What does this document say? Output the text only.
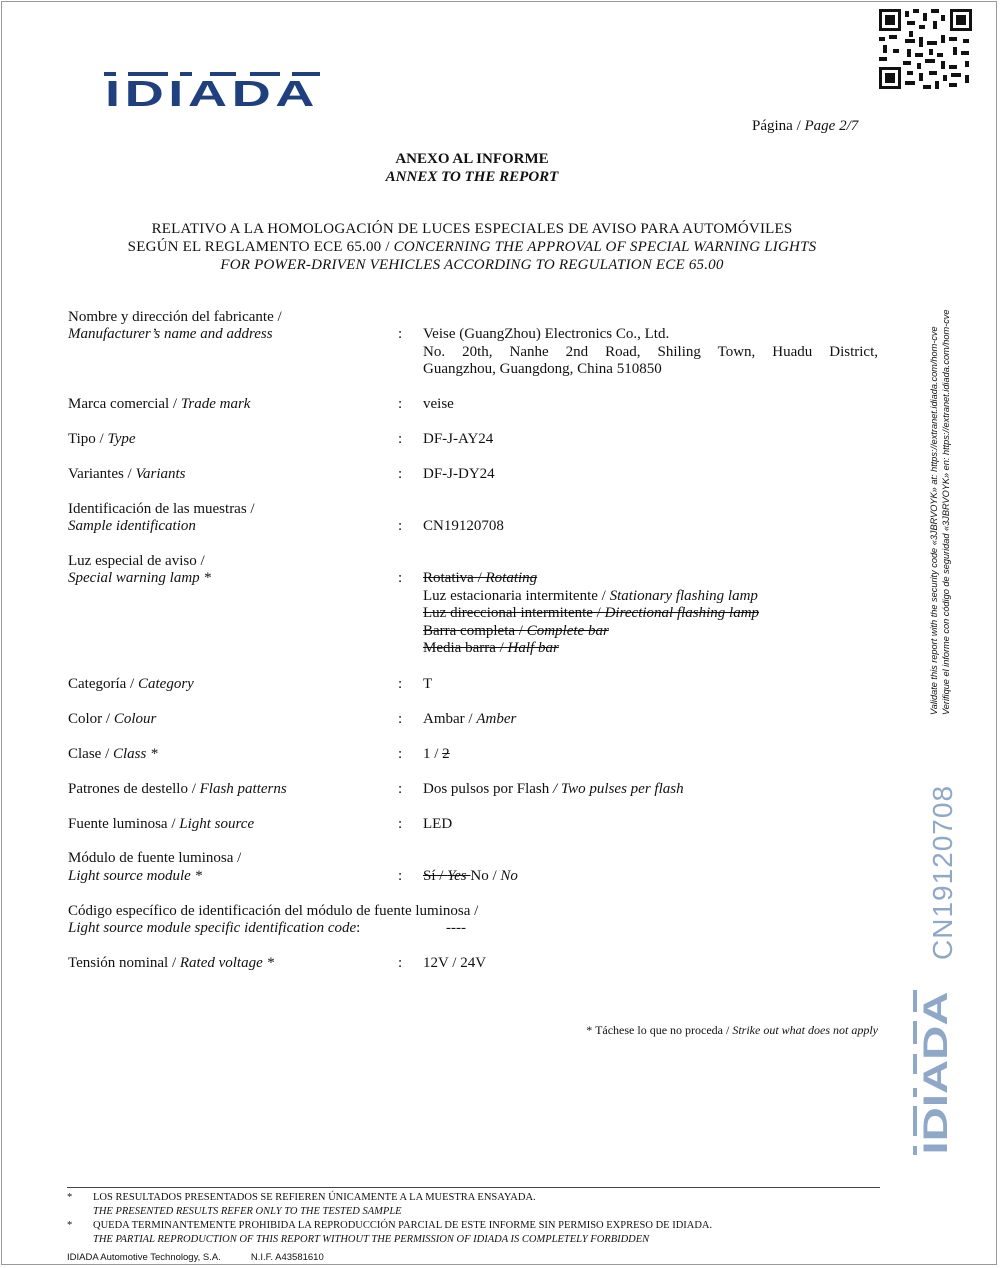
IDIADA
Página / Page 2/7
ANEXO AL INFORME
ANNEX TO THE REPORT
RELATIVO A LA HOMOLOGACIÓN DE LUCES ESPECIALES DE AVISO PARA AUTOMÓVILES
SEGÚN EL REGLAMENTO ECE 65.00 / CONCERNING THE APPROVAL OF SPECIAL WARNING LIGHTS
FOR POWER-DRIVEN VEHICLES ACCORDING TO REGULATION ECE 65.00
Nombre y dirección del fabricante /
Manufacturer’s name and address	: Veise (GuangZhou) Electronics Co., Ltd.
No. 20th, Nanhe 2nd Road, Shiling Town, Huadu District,
Guangzhou, Guangdong, China 510850
Marca comercial / Trade mark	: veise
Tipo / Type	: DF-J-AY24
Variantes / Variants	: DF-J-DY24
Identificación de las muestras /
Sample identification	: CN19120708
Luz especial de aviso /
Special warning lamp *	: Rotativa / Rotating
Luz estacionaria intermitente / Stationary flashing lamp
Luz direccional intermitente / Directional flashing lamp
Barra completa / Complete bar
Media barra / Half bar
Categoría / Category	: T
Color / Colour	: Ambar / Amber
Clase / Class *	: 1 / 2
Patrones de destello / Flash patterns	: Dos pulsos por Flash / Two pulses per flash
Fuente luminosa / Light source	: LED
Módulo de fuente luminosa /
Light source module *	: Sí / Yes No / No
Código específico de identificación del módulo de fuente luminosa /
Light source module specific identification code:	----
Tensión nominal / Rated voltage *	: 12V / 24V
* Táchese lo que no proceda / Strike out what does not apply
* LOS RESULTADOS PRESENTADOS SE REFIEREN ÚNICAMENTE A LA MUESTRA ENSAYADA.
THE PRESENTED RESULTS REFER ONLY TO THE TESTED SAMPLE
* QUEDA TERMINANTEMENTE PROHIBIDA LA REPRODUCCIÓN PARCIAL DE ESTE INFORME SIN PERMISO EXPRESO DE IDIADA.
THE PARTIAL REPRODUCTION OF THIS REPORT WITHOUT THE PERMISSION OF IDIADA IS COMPLETELY FORBIDDEN
IDIADA Automotive Technology, S.A.	N.I.F. A43581610
Validate this report with the security code «3JBRVOYK» at: https://extranet.idiada.com/hom-cve Verifique el informe con código de seguridad «3JBRVOYK» en: https://extranet.idiada.com/hom-cve
CN19120708
IDIADA
